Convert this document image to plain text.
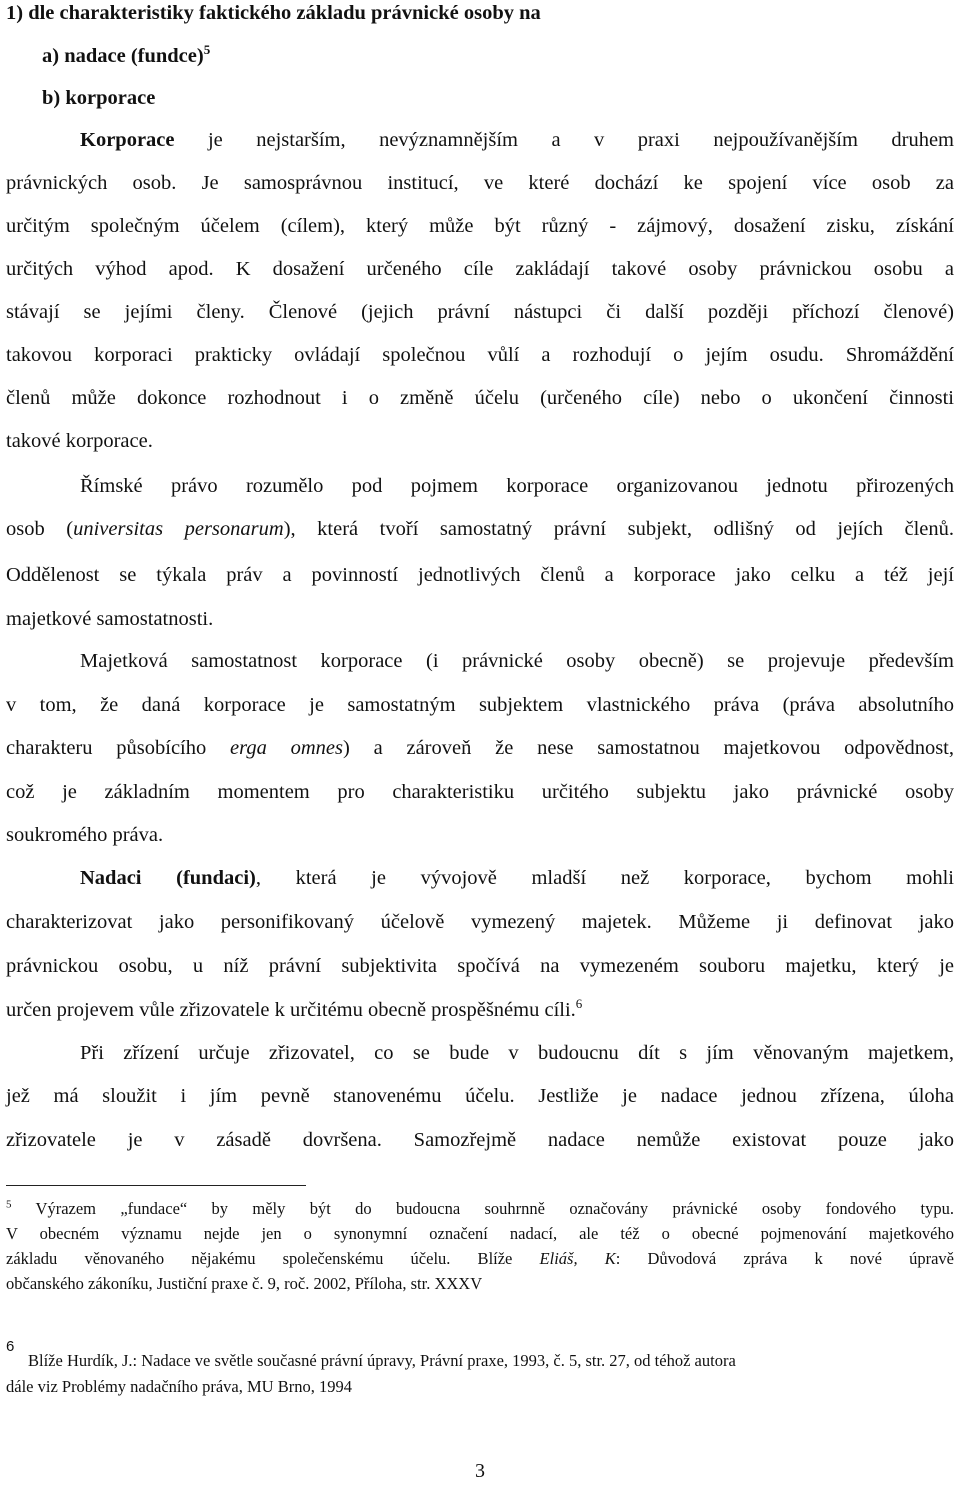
1) dle charakteristiky faktického základu právnické osoby na
a) nadace (fundce)$^5$
b) korporace
Korporace je nejstarším, nevýznamnějším a v praxi nejpoužívanějším druhem
právnických osob. Je samosprávnou institucí, ve které dochází ke spojení více osob za
určitým společným účelem (cílem), který může být různý - zájmový, dosažení zisku, získání
určitých výhod apod. K dosažení určeného cíle zakládají takové osoby právnickou osobu a
stávají se jejími členy. Členové (jejich právní nástupci či další později příchozí členové)
takovou korporaci prakticky ovládají společnou vůlí a rozhodují o jejím osudu. Shromáždění
členů může dokonce rozhodnout i o změně účelu (určeného cíle) nebo o ukončení činnosti
takové korporace.
Římské právo rozumělo pod pojmem korporace organizovanou jednotu přirozených
osob (universitas personarum), která tvoří samostatný právní subjekt, odlišný od jejích členů.
Oddělenost se týkala práv a povinností jednotlivých členů a korporace jako celku a též její
majetkové samostatnosti.
Majetková samostatnost korporace (i právnické osoby obecně) se projevuje především
v tom, že daná korporace je samostatným subjektem vlastnického práva (práva absolutního
charakteru působícího erga omnes) a zároveň že nese samostatnou majetkovou odpovědnost,
což je základním momentem pro charakteristiku určitého subjektu jako právnické osoby
soukromého práva.
Nadaci (fundaci), která je vývojově mladší než korporace, bychom mohli
charakterizovat jako personifikovaný účelově vymezený majetek. Můžeme ji definovat jako
právnickou osobu, u níž právní subjektivita spočívá na vymezeném souboru majetku, který je
určen projevem vůle zřizovatele k určitému obecně prospěšnému cíli.$^6$
Při zřízení určuje zřizovatel, co se bude v budoucnu dít s jím věnovaným majetkem,
jež má sloužit i jím pevně stanovenému účelu. Jestliže je nadace jednou zřízena, úloha
zřizovatele je v zásadě dovršena. Samozřejmě nadace nemůže existovat pouze jako
$^5$ Výrazem „fundace“ by měly být do budoucna souhrnně označovány právnické osoby fondového typu.
V obecném významu nejde jen o synonymní označení nadací, ale též o obecné pojmenování majetkového
základu věnovaného nějakému společenskému účelu. Blíže Eliáš, K: Důvodová zpráva k nové úpravě
občanského zákoníku, Justiční praxe č. 9, roč. 2002, Příloha, str. XXXV
6
Blíže Hurdík, J.: Nadace ve světle současné právní úpravy, Právní praxe, 1993, č. 5, str. 27, od téhož autora
dále viz Problémy nadačního práva, MU Brno, 1994
3
